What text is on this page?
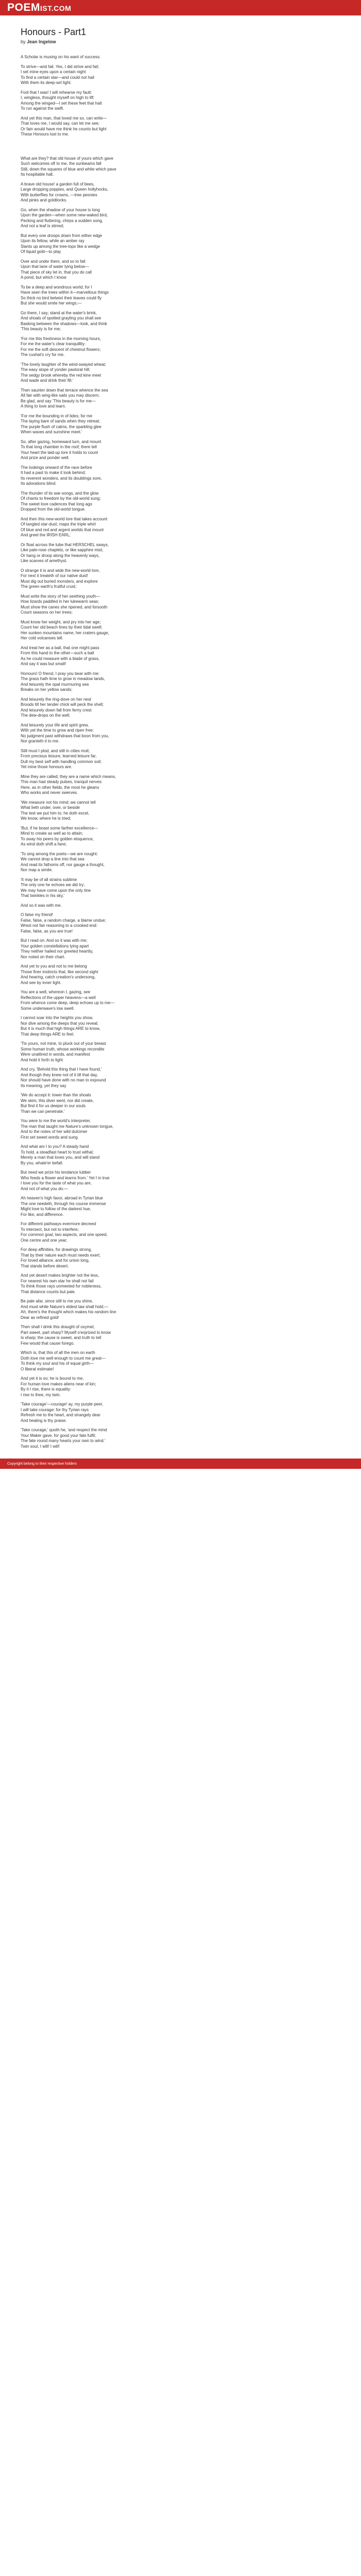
POEMIST.COM
Honours - Part1
by Jean Ingelow

A Scholar is musing on his want of success.

To strive—and fail. Yes, I did strive and fail;
I set mine eyes upon a certain night
To find a certain star—and could not hail
With them its deep-set light.

Fool that I was! I will rehearse my fault:
I, wingless, thought myself on high to lift
Among the winged—I set these feet that halt
To run against the swift.

And yet this man, that loved me so, can write—
That loves me, I would say, can let me see;
Or fain would have me think he counts but light
These Honours lost to me.

What are they? that old house of yours which gave
Such welcomes oft to me, the sunbeams fall
Still, down the squares of blue and white which pave
Its hospitable hall.

A brave old house! a garden full of bees,
Large dropping poppies, and Queen hollyhocks,
With butterflies for crowns, —tree peonies
And pinks and goldilocks.

Go, when the shadow of your house is long
Upon the garden—when some new-waked bird,
Pecking and fluttering, chirps a sudden song,
And not a leaf is stirred;

But every one droops down from either edge
Upon its fellow, while an amber ray
Slants up among the tree-tops like a wedge
Of liquid gold—to play

Over and under them, and so to fall
Upon that lane of water lying below—
That piece of sky let in, that you do call
A pond, but which I know

To be a deep and wondrous world; for I
Have seen the trees within it—marvellous things
So thick no bird betwixt their leaves could fly
But she would smite her wings;—

Go there, I say; stand at the water's brink,
And shoals of spotted grayling you shall see
Basking between the shadows—look, and think
'This beauty is for me;

'For me this freshness in the morning hours,
For me the water's clear tranquillity:
For me the soft descent of chestnut flowers;
The cushat's cry for me.

'The lovely laughter of the wind-swayed wheat;
The easy slope of yonder pastoral hill;
The sedgy brook whereby the red kine meet
And wade and drink their fill.'

Then saunter down that terrace whence the sea
All fair with wing-like sails you may discern;
Be glad, and say 'This beauty is for me—
A thing to love and learn.

'For me the bounding in of tides; for me
The laying bare of sands when they retreat;
The purple flush of calms, the sparkling glee
When waves and sunshine meet.'

So, after gazing, homeward turn, and mount
To that long chamber in the roof; there tell
Your heart the laid-up lore it holds to count
And prize and ponder well.

The lookings onward of the race before
It had a past to make it look behind;
Its reverent wonders, and its doubtings sore,
Its adorations blind.

The thunder of its war-songs, and the glow
Of chants to freedom by the old-world sung;
The sweet love cadences that long ago
Dropped from the old-world tongue.

And then this new-world lore that takes account
Of tangled star-dust; maps the triple whirl
Of blue and red and argent worlds that mount
And greet the IRISH EARL;

Or float across the tube that HERSCHEL sways,
Like pale-rose chaplets, or like sapphire mist;
Or hang or droop along the heavenly ways,
Like scarves of amethyst.

O strange it is and wide the new-world lore,
For next it treateth of our native dust!
Must dig out buried monsters, and explore
The green earth's fruitful crust;

Must write the story of her seething youth—
How lizards paddled in her lukewarm seas;
Must show the canes she ripened, and forsooth
Count seasons on her trees;

Must know her weight, and pry into her age;
Count her old beach lines by their tidal swell;
Her sunken mountains name, her craters gauge,
Her cold volcanoes tell.

And treat her as a ball, that one might pass
From this hand to the other—such a ball
As he could measure with a blade of grass,
And say it was but small!

Honours! O friend, I pray you bear with me:
The grass hath time to grow in meadow lands,
And leisurely the opal murmuring sea
Breaks on her yellow sands;

And leisurely the ring-dove on her nest
Broods till her tender chick will peck the shell;
And leisurely down fall from ferny crest
The dew-drops on the well;

And leisurely your life and spirit grew,
With yet the time to grow and ripen free:
No judgment past withdraws that boon from you,
Nor granteth it to me.

Still must I plod, and still in cities moil;
From precious leisure, learned leisure far,
Dull my best self with handling common soil;
Yet mine those honours are.

Mine they are called; they are a name which means,
This man had steady pulses, tranquil nerves:
Here, as in other fields, the most he gleans
Who works and never swerves.

'We measure not his mind; we cannot tell
What lieth under, over, or beside
The test we put him to; he doth excel,
We know, where he is tried;

'But, if he boast some farther excellence—
Mind to create as well as to attain;
To sway his peers by golden eloquence,
As wind doth shift a fane;

'To sing among the poets—we are nought:
We cannot drop a line into that sea
And read its fathoms off, nor gauge a thought,
Nor map a simile.

'It may be of all strains sublime
The only one he echoes we did try;
We may have come upon the only tine
That twinkles in his sky,'

And so it was with me.

O false my friend!
False, false, a random charge, a blame undue;
Wrest not fair reasoning to a crooked end:
False, false, as you are true!

But I read on: And so it was with me;
Your golden constellations lying apart
They neither hailed nor greeted heartily,
Nor noted on their chart.

And yet to you and not to me belong
Those finer instincts that, like second sight
And hearing, catch creation's undersong,
And see by inner light.

You are a well, whereon I, gazing, see
Reflections of the upper heavens—a well
From whence come deep, deep echoes up to me—
Some underwave's low swell.

I cannot soar into the heights you show,
Nor dive among the deeps that you reveal;
But it is much that high things ARE to know,
That deep things ARE to feel.

'Tis yours, not mine, to pluck out of your breast
Some human truth, whose workings recondite
Were unattired in words, and manifest
And hold it forth to light

And cry, 'Behold this thing that I have found,'
And though they knew not of it till that day,
Nor should have done with no man to expound
Its meaning, yet they say

'We do accept it: lower than the shoals
We skim, this diver went, nor did create,
But find it for us deeper in our souls
Than we can penetrate.'

You were to me the world's interpreter,
The man that taught me Nature's unknown tongue,
And to the notes of her wild dulcimer
First set sweet words and sung.

And what am I to you? A steady hand
To hold, a steadfast heart to trust withal;
Merely a man that loves you, and will stand
By you, whate'er befall.

But need we prize his tendance lubber
Who feeds a flower and learns from.' Yet I in true
I love you for the taste of what you are,
And not of what you do:—

Ah heaven's high favor, abroad in Tyrian blue
The one needeth, through his course immense
Might love to follow of the darkest hue,
For like, and difference.

For different pathways evermore decreed
To intersect, but not to interfere;
For common goal, two aspects, and one speed,
One centre and one year;

For deep affinities, for drawings strong,
That by their nature each must needs exert;
For loved alliance, and for union long,
That stands before desert.

And yet desert makes brighter not the less,
For nearest his own star he shall not fail
To think those rays unmeeted for nobleness,
That distance counts but pale.

Be pale afar, since still to me you shine,
And must while Nature's eldest law shall hold;—
Ah, there's the thought which makes his random line
Dear as refined gold!

Then shall I drink this draught of oxymel,
Part sweet, part sharp? Myself o'erprized to know
Is sharp; the cause is sweet, and truth to tell
Few would that cause forego.

Which is, that this of all the men on earth
Doth love me well enough to count me great—
To think my soul and his of equal girth—
O liberal estimate!

And yet it is so; he is bound to me,
For human love makes aliens near of kin;
By it I rise, there is equality:
I rise to thee, my twin.

'Take courage'—courage! ay, my purple peer,
I will take courage: for thy Tyrian rays
Refresh me to the heart, and strangely dear
And healing is thy praise.

'Take courage,' quoth he, 'and respect the mind
Your Maker gave, for good your fate fulfil;
The fate round many hearts your own to wind.'
Twin soul, I will! I will!

Copyright belong to their respective holders
